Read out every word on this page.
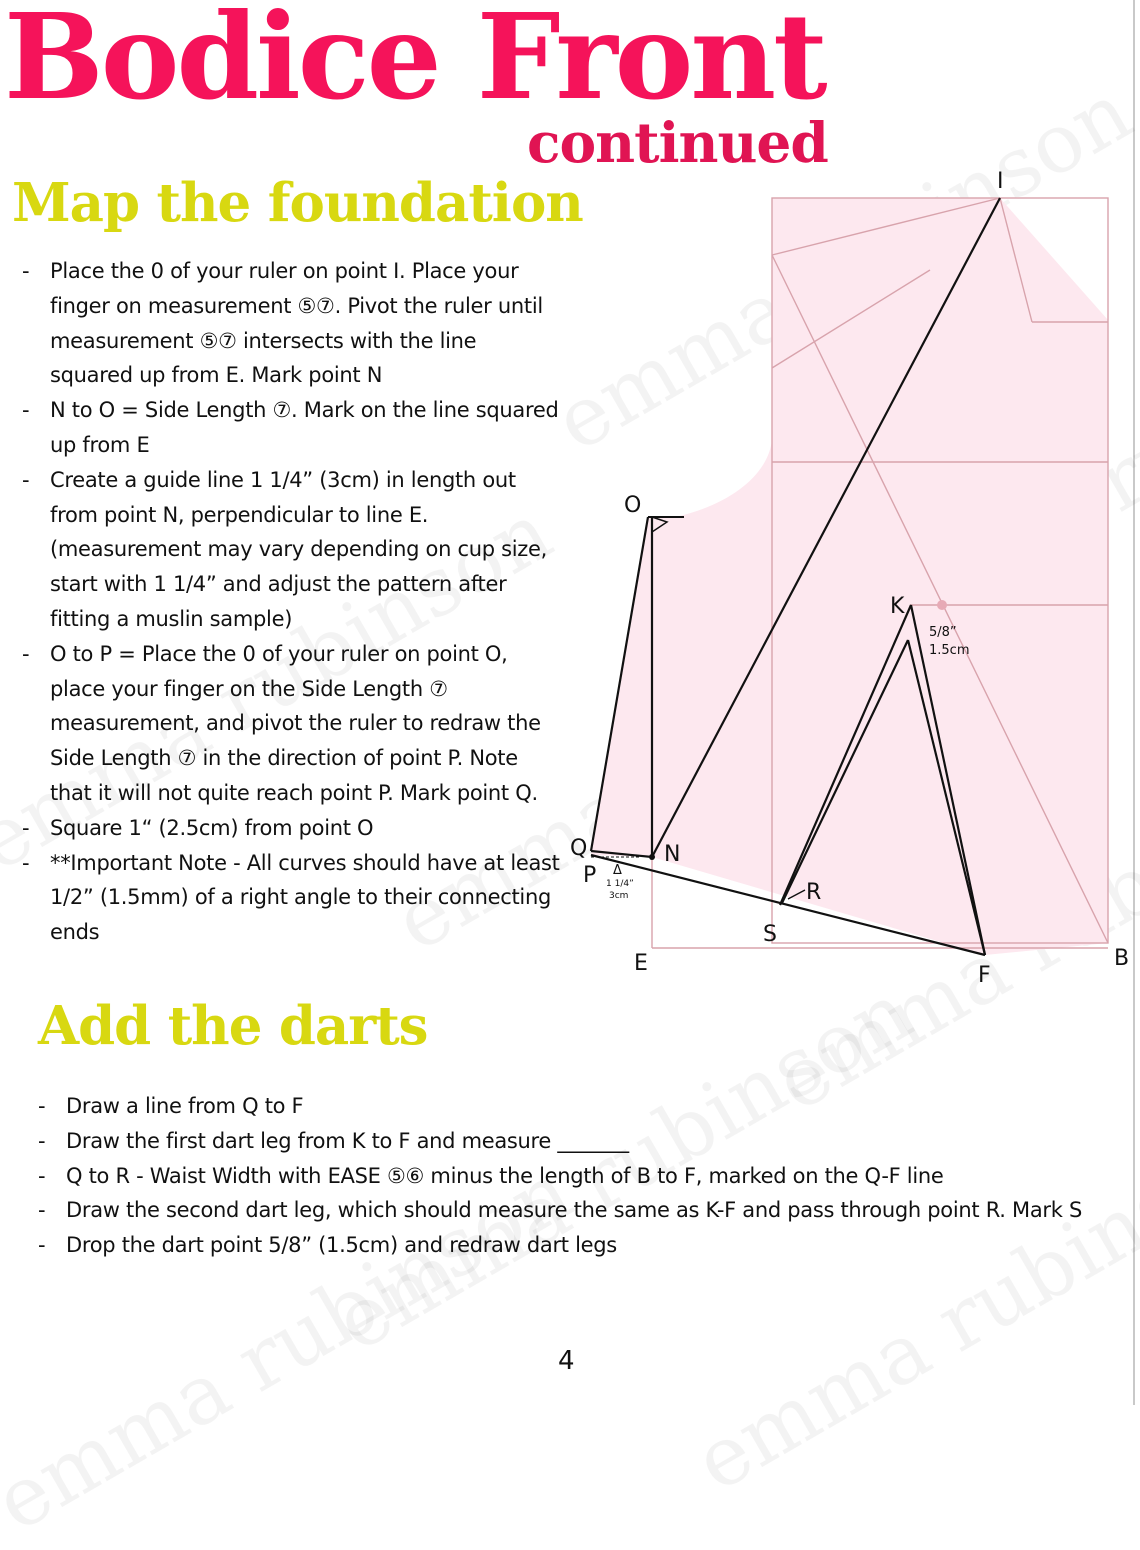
Bodice Front
continued
Map the foundation
- Place the 0 of your ruler on point I. Place your finger on measurement ⑤⑦. Pivot the ruler until measurement ⑤⑦ intersects with the line squared up from E. Mark point N
- N to O = Side Length ⑦. Mark on the line squared up from E
- Create a guide line 1 1/4” (3cm) in length out from point N, perpendicular to line E. (measurement may vary depending on cup size, start with 1 1/4” and adjust the pattern after fitting a muslin sample)
- O to P = Place the 0 of your ruler on point O, place your finger on the Side Length ⑦ measurement, and pivot the ruler to redraw the Side Length ⑦ in the direction of point P. Note that it will not quite reach point P. Mark point Q.
- Square 1“ (2.5cm) from point O
- **Important Note - All curves should have at least 1/2” (1.5mm) of a right angle to their connecting ends
Add the darts
- Draw a line from Q to F
- Draw the first dart leg from K to F and measure _______
- Q to R - Waist Width with EASE ⑤⑥ minus the length of B to F, marked on the Q-F line
- Draw the second dart leg, which should measure the same as K-F and pass through point R. Mark S
- Drop the dart point 5/8” (1.5cm) and redraw dart legs
I
O
K
Q
P
N
R
S
E	F
B
5/8”
1.5cm
Δ
1 1/4”
3cm
4
